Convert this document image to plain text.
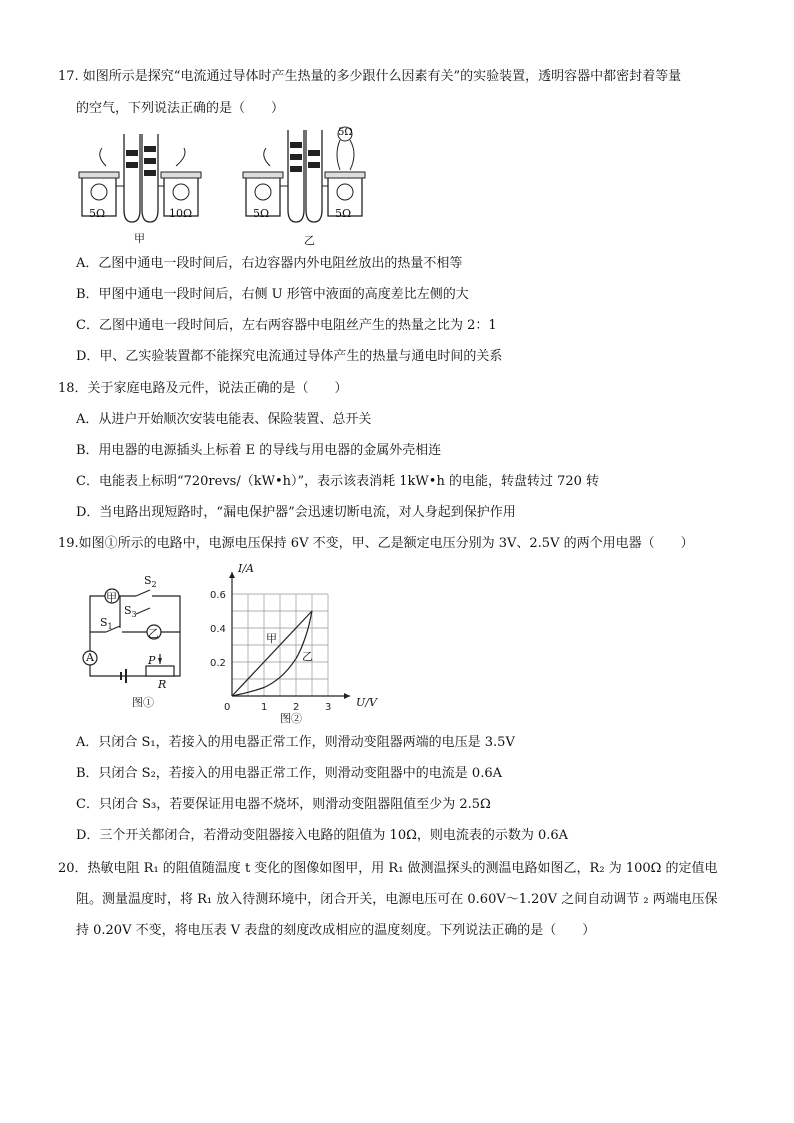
17. 如图所示是探究“电流通过导体时产生热量的多少跟什么因素有关”的实验装置，透明容器中都密封着等量
的空气，下列说法正确的是（　　）
5Ω	10Ω
甲
5Ω	5Ω
5Ω
乙
A．乙图中通电一段时间后，右边容器内外电阻丝放出的热量不相等
B．甲图中通电一段时间后，右侧 U 形管中液面的高度差比左侧的大
C．乙图中通电一段时间后，左右两容器中电阻丝产生的热量之比为 2：1
D．甲、乙实验装置都不能探究电流通过导体产生的热量与通电时间的关系
18．关于家庭电路及元件，说法正确的是（　　）
A．从进户开始顺次安装电能表、保险装置、总开关
B．用电器的电源插头上标着 E 的导线与用电器的金属外壳相连
C．电能表上标明“720revs/（kW•h）”，表示该表消耗 1kW•h 的电能，转盘转过 720 转
D．当电路出现短路时，“漏电保护器”会迅速切断电流，对人身起到保护作用
19.如图①所示的电路中，电源电压保持 6V 不变，甲、乙是额定电压分别为 3V、2.5V 的两个用电器（　　）
甲
乙
A
$S_2$
$S_3$
$S_1$
P
R
图①	0	1	2	3
0.2
0.4
0.6
I/A
U/V
甲
乙
图②
A．只闭合 S₁，若接入的用电器正常工作，则滑动变阻器两端的电压是 3.5V
B．只闭合 S₂，若接入的用电器正常工作，则滑动变阻器中的电流是 0.6A
C．只闭合 S₃，若要保证用电器不烧坏，则滑动变阻器阻值至少为 2.5Ω
D．三个开关都闭合，若滑动变阻器接入电路的阻值为 10Ω，则电流表的示数为 0.6A
20．热敏电阻 R₁ 的阻值随温度 t 变化的图像如图甲，用 R₁ 做测温探头的测温电路如图乙，R₂ 为 100Ω 的定值电
阻。测量温度时，将 R₁ 放入待测环境中，闭合开关，电源电压可在 0.60V～1.20V 之间自动调节 ₂ 两端电压保
持 0.20V 不变，将电压表 V 表盘的刻度改成相应的温度刻度。下列说法正确的是（　　）
